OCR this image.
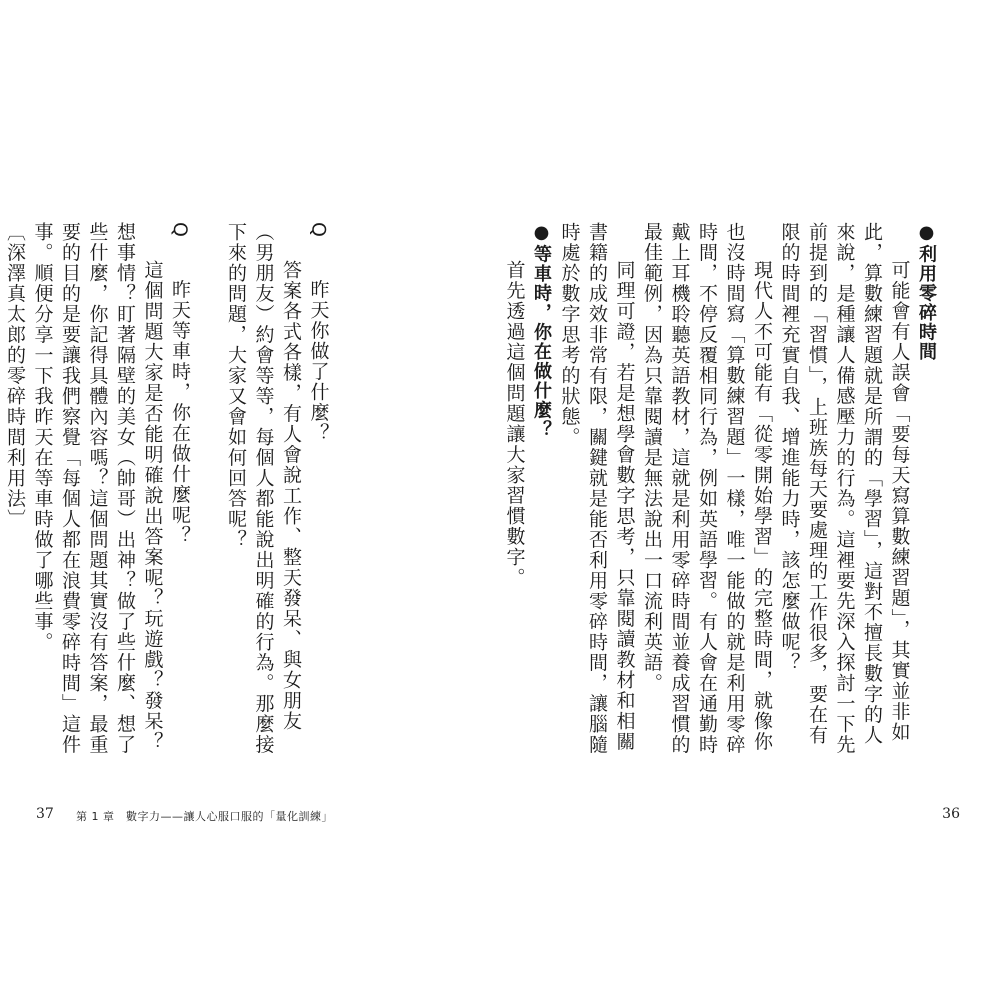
●利用零碎時間

可能會有人誤會「要每天寫算數練習題」，其實並非如此，算數練習題就是所謂的「學習」，這對不擅長數字的人來說，是種讓人備感壓力的行為。這裡要先深入探討一下先前提到的「習慣」，上班族每天要處理的工作很多，要在有限的時間裡充實自我、增進能力時，該怎麼做呢？

現代人不可能有「從零開始學習」的完整時間，就像你也沒時間寫「算數練習題」一樣，唯一能做的就是利用零碎時間，不停反覆相同行為，例如英語學習。有人會在通勤時戴上耳機聆聽英語教材，這就是利用零碎時間並養成習慣的最佳範例，因為只靠閱讀是無法說出一口流利英語。

同理可證，若是想學會數字思考，只靠閱讀教材和相關書籍的成效非常有限，關鍵就是能否利用零碎時間，讓腦隨時處於數字思考的狀態。

●等車時，你在做什麼？

首先透過這個問題讓大家習慣數字。

36

Q　　昨天你做了什麼？

答案各式各樣，有人會說工作、整天發呆、與女朋友（男朋友）約會等等，每個人都能說出明確的行為。那麼接下來的問題，大家又會如何回答呢？

Q　　昨天等車時，你在做什麼呢？

這個問題大家是否能明確說出答案呢？玩遊戲？發呆？想事情？盯著隔壁的美女（帥哥）出神？做了些什麼、想了些什麼，你記得具體內容嗎？這個問題其實沒有答案，最重要的目的是要讓我們察覺「每個人都在浪費零碎時間」這件事。順便分享一下我昨天在等車時做了哪些事。

〔深澤真太郎的零碎時間利用法〕

37 第 1 章　數字力——讓人心服口服的「量化訓練」
